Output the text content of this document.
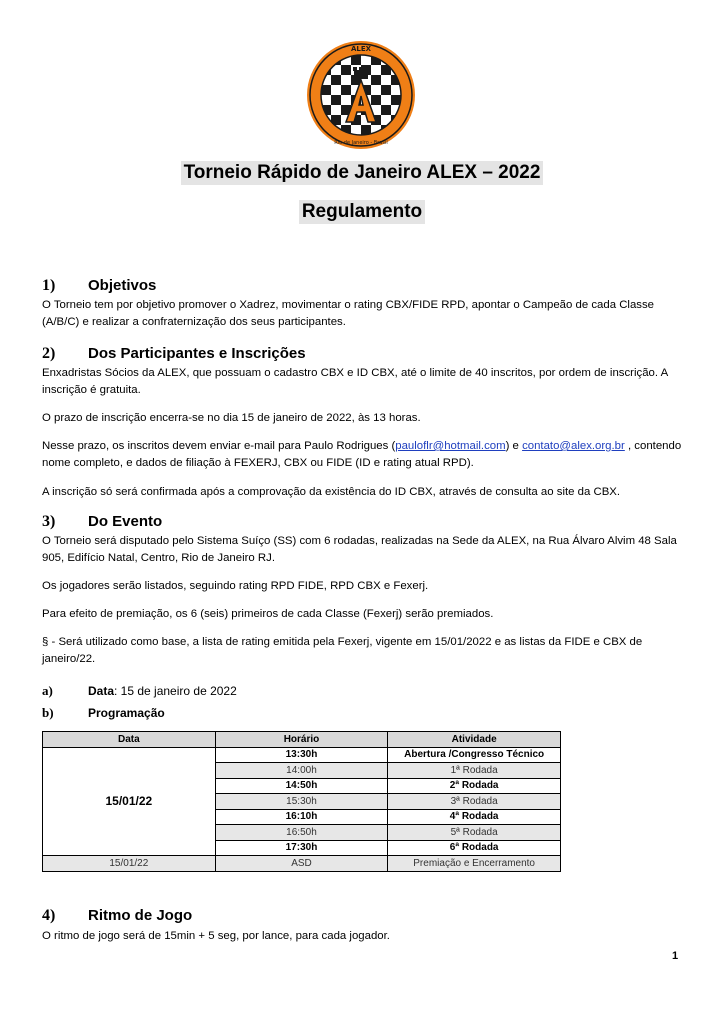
ALEX
Rio de Janeiro - Brasil
Torneio Rápido de Janeiro ALEX – 2022
Regulamento
1) Objetivos

O Torneio tem por objetivo promover o Xadrez, movimentar o rating CBX/FIDE RPD, apontar o Campeão de cada Classe (A/B/C) e realizar a confraternização dos seus participantes.

2) Dos Participantes e Inscrições

Enxadristas Sócios da ALEX, que possuam o cadastro CBX e ID CBX, até o limite de 40 inscritos, por ordem de inscrição. A inscrição é gratuita.

O prazo de inscrição encerra-se no dia 15 de janeiro de 2022, às 13 horas.

Nesse prazo, os inscritos devem enviar e-mail para Paulo Rodrigues (pauloflr@hotmail.com) e contato@alex.org.br , contendo nome completo, e dados de filiação à FEXERJ, CBX ou FIDE (ID e rating atual RPD).

A inscrição só será confirmada após a comprovação da existência do ID CBX, através de consulta ao site da CBX.

3) Do Evento

O Torneio será disputado pelo Sistema Suíço (SS) com 6 rodadas, realizadas na Sede da ALEX, na Rua Álvaro Alvim 48 Sala 905, Edifício Natal, Centro, Rio de Janeiro RJ.

Os jogadores serão listados, seguindo rating RPD FIDE, RPD CBX e Fexerj.

Para efeito de premiação, os 6 (seis) primeiros de cada Classe (Fexerj) serão premiados.

§ - Será utilizado como base, a lista de rating emitida pela Fexerj, vigente em 15/01/2022 e as listas da FIDE e CBX de janeiro/22.

a)	Data: 15 de janeiro de 2022
b)	Programação
Data	Horário	Atividade
15/01/22	13:30h	Abertura /Congresso Técnico
	14:00h	1ª Rodada
	14:50h	2ª Rodada
	15:30h	3ª Rodada
	16:10h	4ª Rodada
	16:50h	5ª Rodada
	17:30h	6ª Rodada
15/01/22	ASD	Premiação e Encerramento
4) Ritmo de Jogo

O ritmo de jogo será de 15min + 5 seg, por lance, para cada jogador.

1
